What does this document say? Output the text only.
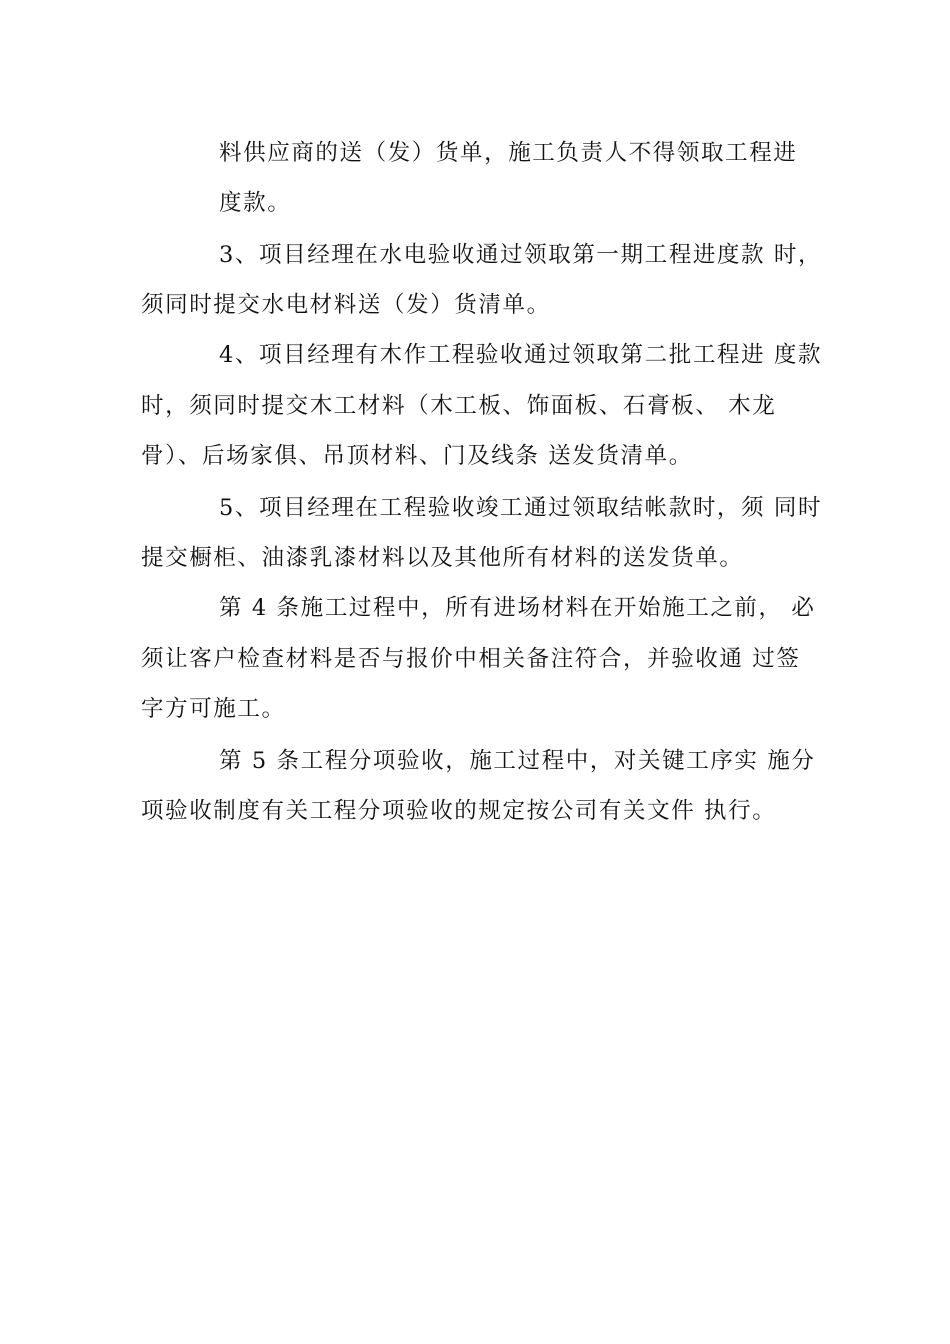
料供应商的送（发）货单，施工负责人不得领取工程进
度款。
3、项目经理在水电验收通过领取第一期工程进度款 时，
须同时提交水电材料送（发）货清单。
4、项目经理有木作工程验收通过领取第二批工程进 度款
时，须同时提交木工材料（木工板、饰面板、石膏板、 木龙
骨）、后场家俱、吊顶材料、门及线条 送发货清单。
5、项目经理在工程验收竣工通过领取结帐款时，须 同时
提交橱柜、油漆乳漆材料以及其他所有材料的送发货单。
第 4 条施工过程中，所有进场材料在开始施工之前， 必
须让客户检查材料是否与报价中相关备注符合，并验收通 过签
字方可施工。
第 5 条工程分项验收，施工过程中，对关键工序实 施分
项验收制度有关工程分项验收的规定按公司有关文件 执行。
